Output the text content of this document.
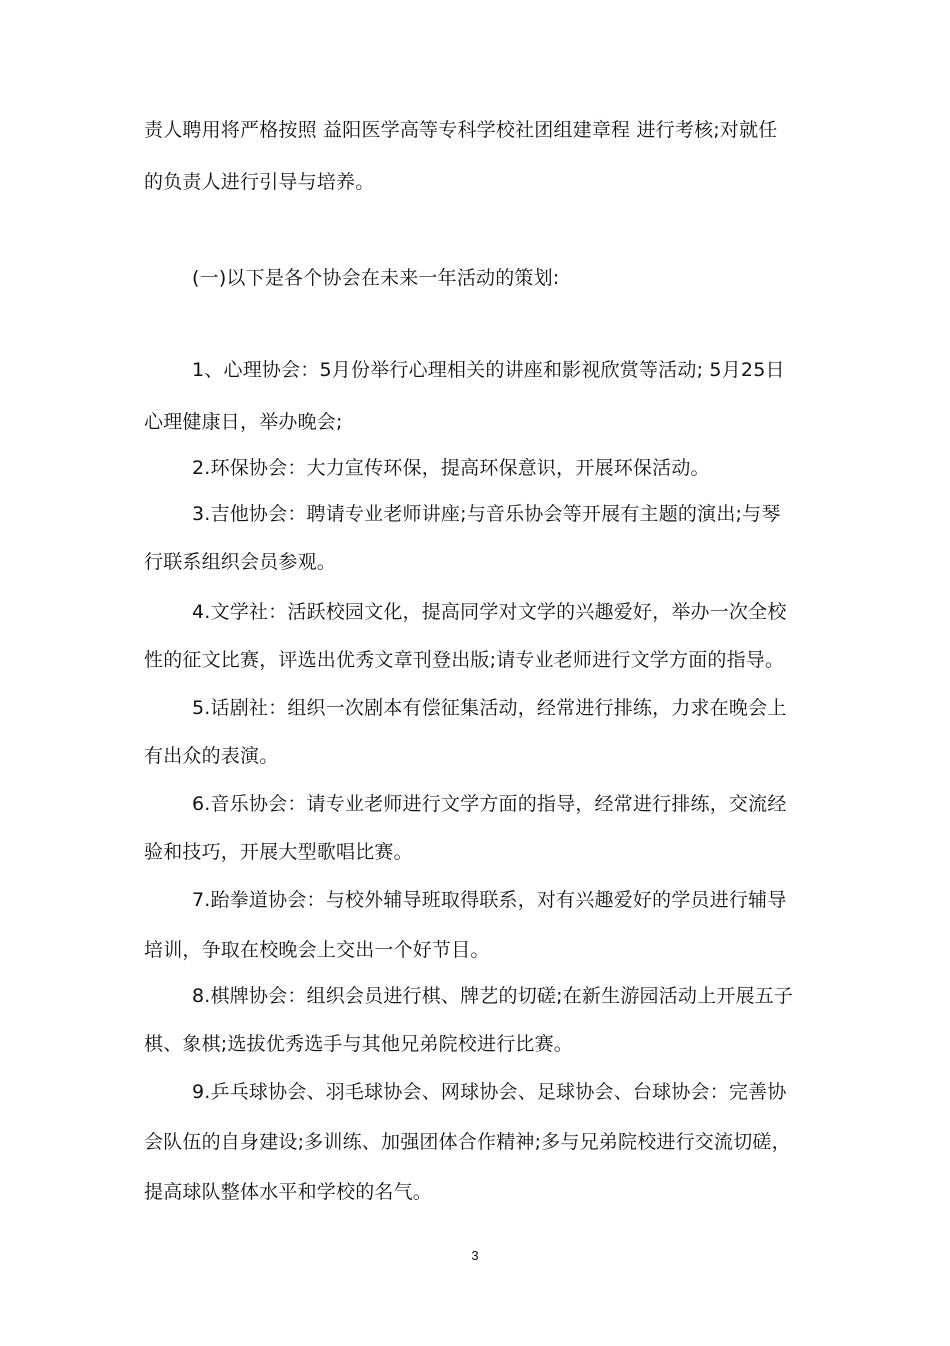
责人聘用将严格按照 益阳医学高等专科学校社团组建章程 进行考核;对就任
的负责人进行引导与培养。
(一)以下是各个协会在未来一年活动的策划:
1、心理协会：5月份举行心理相关的讲座和影视欣赏等活动; 5月25日
心理健康日，举办晚会;
2.环保协会：大力宣传环保，提高环保意识，开展环保活动。
3.吉他协会：聘请专业老师讲座;与音乐协会等开展有主题的演出;与琴
行联系组织会员参观。
4.文学社：活跃校园文化，提高同学对文学的兴趣爱好，举办一次全校
性的征文比赛，评选出优秀文章刊登出版;请专业老师进行文学方面的指导。
5.话剧社：组织一次剧本有偿征集活动，经常进行排练，力求在晚会上
有出众的表演。
6.音乐协会：请专业老师进行文学方面的指导，经常进行排练，交流经
验和技巧，开展大型歌唱比赛。
7.跆拳道协会：与校外辅导班取得联系，对有兴趣爱好的学员进行辅导
培训，争取在校晚会上交出一个好节目。
8.棋牌协会：组织会员进行棋、牌艺的切磋;在新生游园活动上开展五子
棋、象棋;选拔优秀选手与其他兄弟院校进行比赛。
9.乒乓球协会、羽毛球协会、网球协会、足球协会、台球协会：完善协
会队伍的自身建设;多训练、加强团体合作精神;多与兄弟院校进行交流切磋，
提高球队整体水平和学校的名气。
3
